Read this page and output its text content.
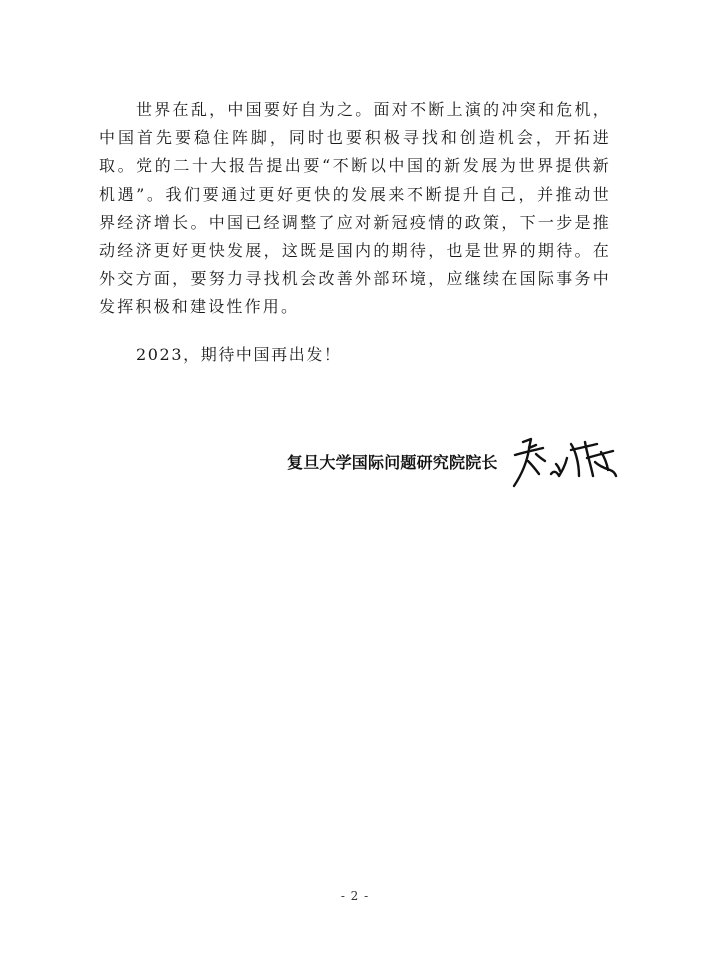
世界在乱，中国要好自为之。面对不断上演的冲突和危机，中国首先要稳住阵脚，同时也要积极寻找和创造机会，开拓进取。党的二十大报告提出要“不断以中国的新发展为世界提供新机遇”。我们要通过更好更快的发展来不断提升自己，并推动世界经济增长。中国已经调整了应对新冠疫情的政策，下一步是推动经济更好更快发展，这既是国内的期待，也是世界的期待。在外交方面，要努力寻找机会改善外部环境，应继续在国际事务中发挥积极和建设性作用。

2023，期待中国再出发！

复旦大学国际问题研究院院长
- 2 -
